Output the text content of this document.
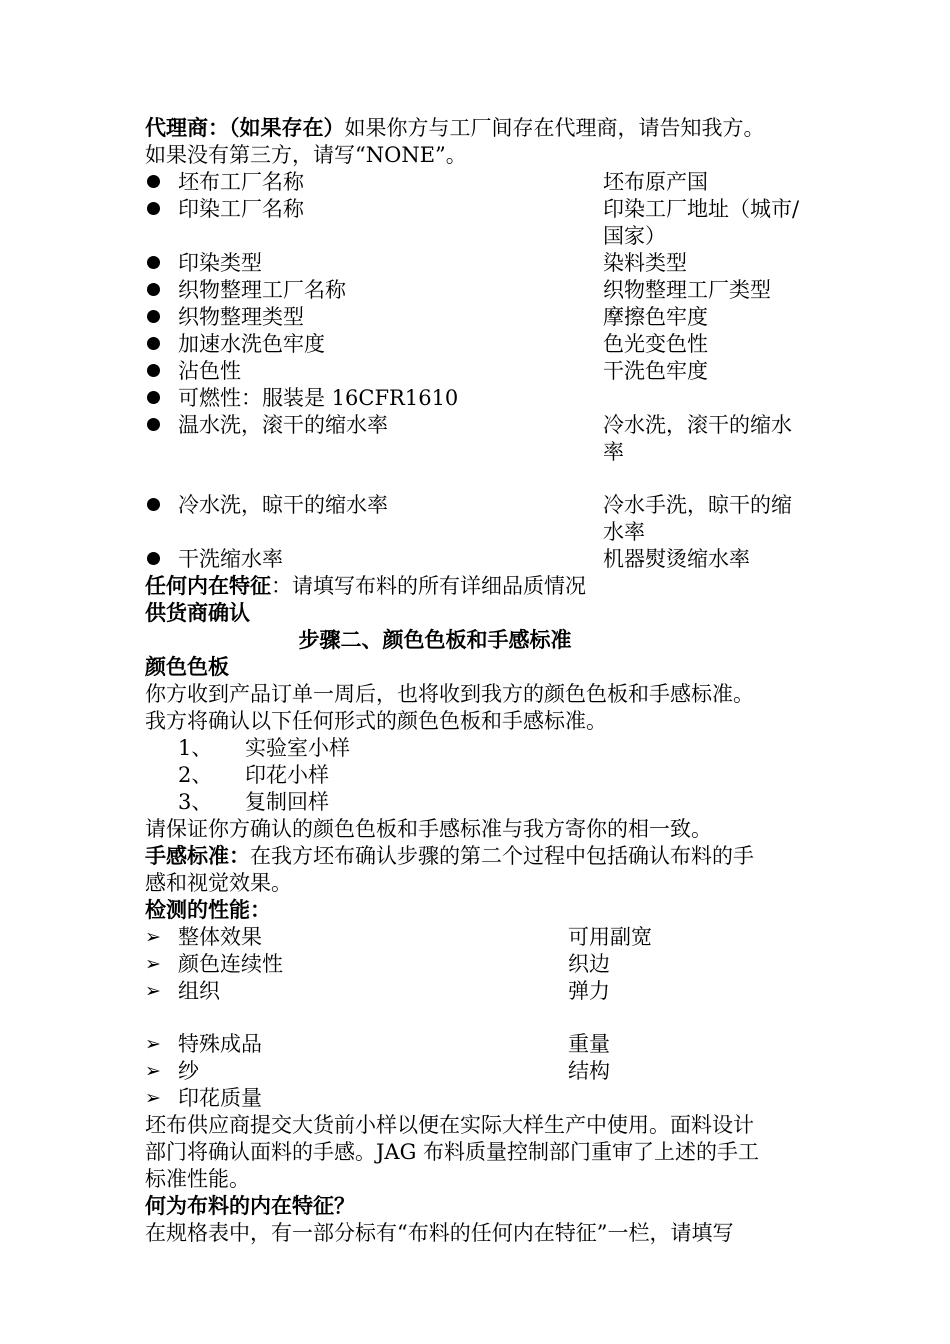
代理商：（如果存在）如果你方与工厂间存在代理商，请告知我方。

如果没有第三方，请写“NONE”。

坯布工厂名称	坯布原产国
印染工厂名称	印染工厂地址（城市/国家）
印染类型	染料类型
织物整理工厂名称	织物整理工厂类型
织物整理类型	摩擦色牢度
加速水洗色牢度	色光变色性
沾色性	干洗色牢度
可燃性：服装是 16CFR1610
温水洗，滚干的缩水率	冷水洗，滚干的缩水率
冷水洗，晾干的缩水率	冷水手洗，晾干的缩水率
干洗缩水率	机器熨烫缩水率

任何内在特征：请填写布料的所有详细品质情况

供货商确认

步骤二、颜色色板和手感标准

颜色色板

你方收到产品订单一周后，也将收到我方的颜色色板和手感标准。

我方将确认以下任何形式的颜色色板和手感标准。

1、 实验室小样
2、 印花小样
3、 复制回样

请保证你方确认的颜色色板和手感标准与我方寄你的相一致。

手感标准：在我方坯布确认步骤的第二个过程中包括确认布料的手

感和视觉效果。

检测的性能：

➢ 整体效果	可用副宽
➢ 颜色连续性	织边
➢ 组织	弹力
➢ 特殊成品	重量
➢ 纱	结构
➢ 印花质量

坯布供应商提交大货前小样以便在实际大样生产中使用。面料设计

部门将确认面料的手感。JAG 布料质量控制部门重审了上述的手工

标准性能。

何为布料的内在特征？

在规格表中，有一部分标有“布料的任何内在特征”一栏，请填写
